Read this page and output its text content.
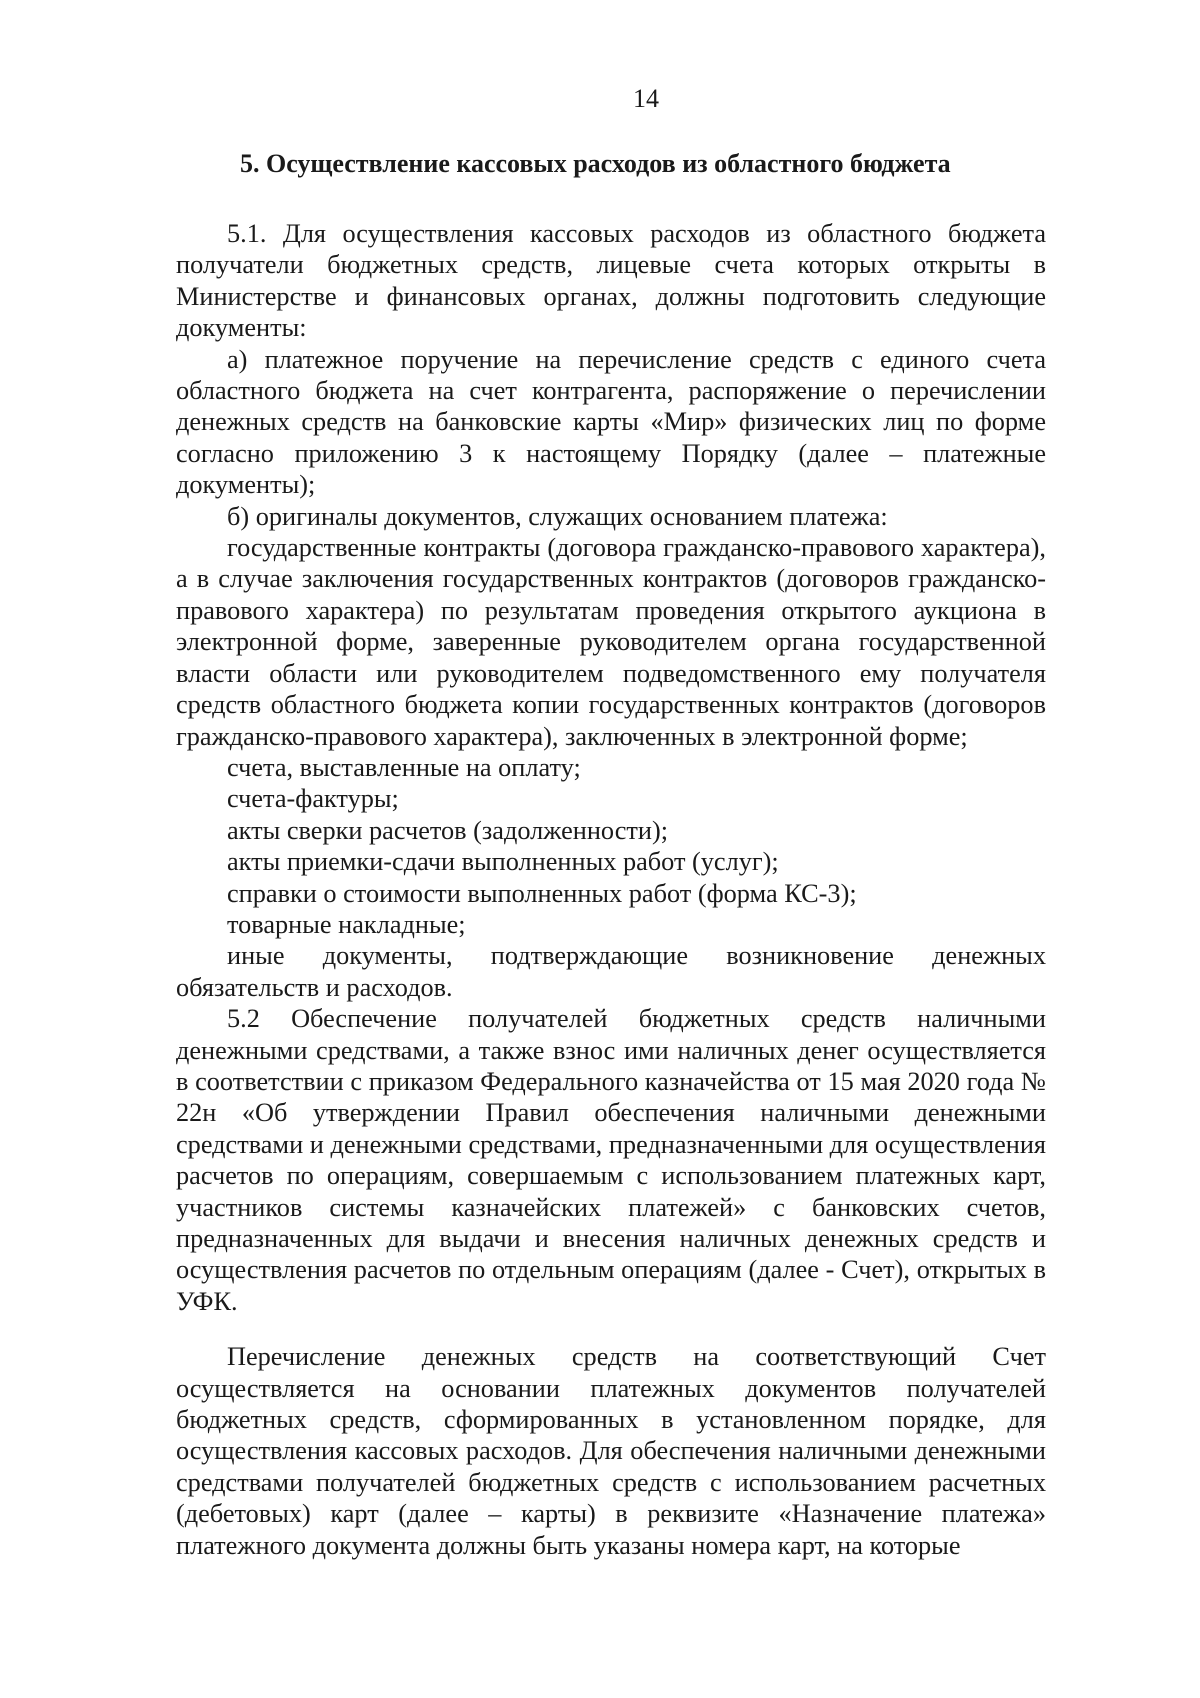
14
5. Осуществление кассовых расходов из областного бюджета

5.1. Для осуществления кассовых расходов из областного бюджета получатели бюджетных средств, лицевые счета которых открыты в Министерстве и финансовых органах, должны подготовить следующие документы:

а) платежное поручение на перечисление средств с единого счета областного бюджета на счет контрагента, распоряжение о перечислении денежных средств на банковские карты «Мир» физических лиц по форме согласно приложению 3 к настоящему Порядку (далее – платежные документы);

б) оригиналы документов, служащих основанием платежа:

государственные контракты (договора гражданско-правового характера), а в случае заключения государственных контрактов (договоров гражданско-правового характера) по результатам проведения открытого аукциона в электронной форме, заверенные руководителем органа государственной власти области или руководителем подведомственного ему получателя средств областного бюджета копии государственных контрактов (договоров гражданско-правового характера), заключенных в электронной форме;

счета, выставленные на оплату;

счета-фактуры;

акты сверки расчетов (задолженности);

акты приемки-сдачи выполненных работ (услуг);

справки о стоимости выполненных работ (форма КС-3);

товарные накладные;

иные документы, подтверждающие возникновение денежных обязательств и расходов.

5.2 Обеспечение получателей бюджетных средств наличными денежными средствами, а также взнос ими наличных денег осуществляется в соответствии с приказом Федерального казначейства от 15 мая 2020 года № 22н «Об утверждении Правил обеспечения наличными денежными средствами и денежными средствами, предназначенными для осуществления расчетов по операциям, совершаемым с использованием платежных карт, участников системы казначейских платежей» с банковских счетов, предназначенных для выдачи и внесения наличных денежных средств и осуществления расчетов по отдельным операциям (далее - Счет), открытых в УФК.

Перечисление денежных средств на соответствующий Счет осуществляется на основании платежных документов получателей бюджетных средств, сформированных в установленном порядке, для осуществления кассовых расходов. Для обеспечения наличными денежными средствами получателей бюджетных средств с использованием расчетных (дебетовых) карт (далее – карты) в реквизите «Назначение платежа» платежного документа должны быть указаны номера карт, на которые
